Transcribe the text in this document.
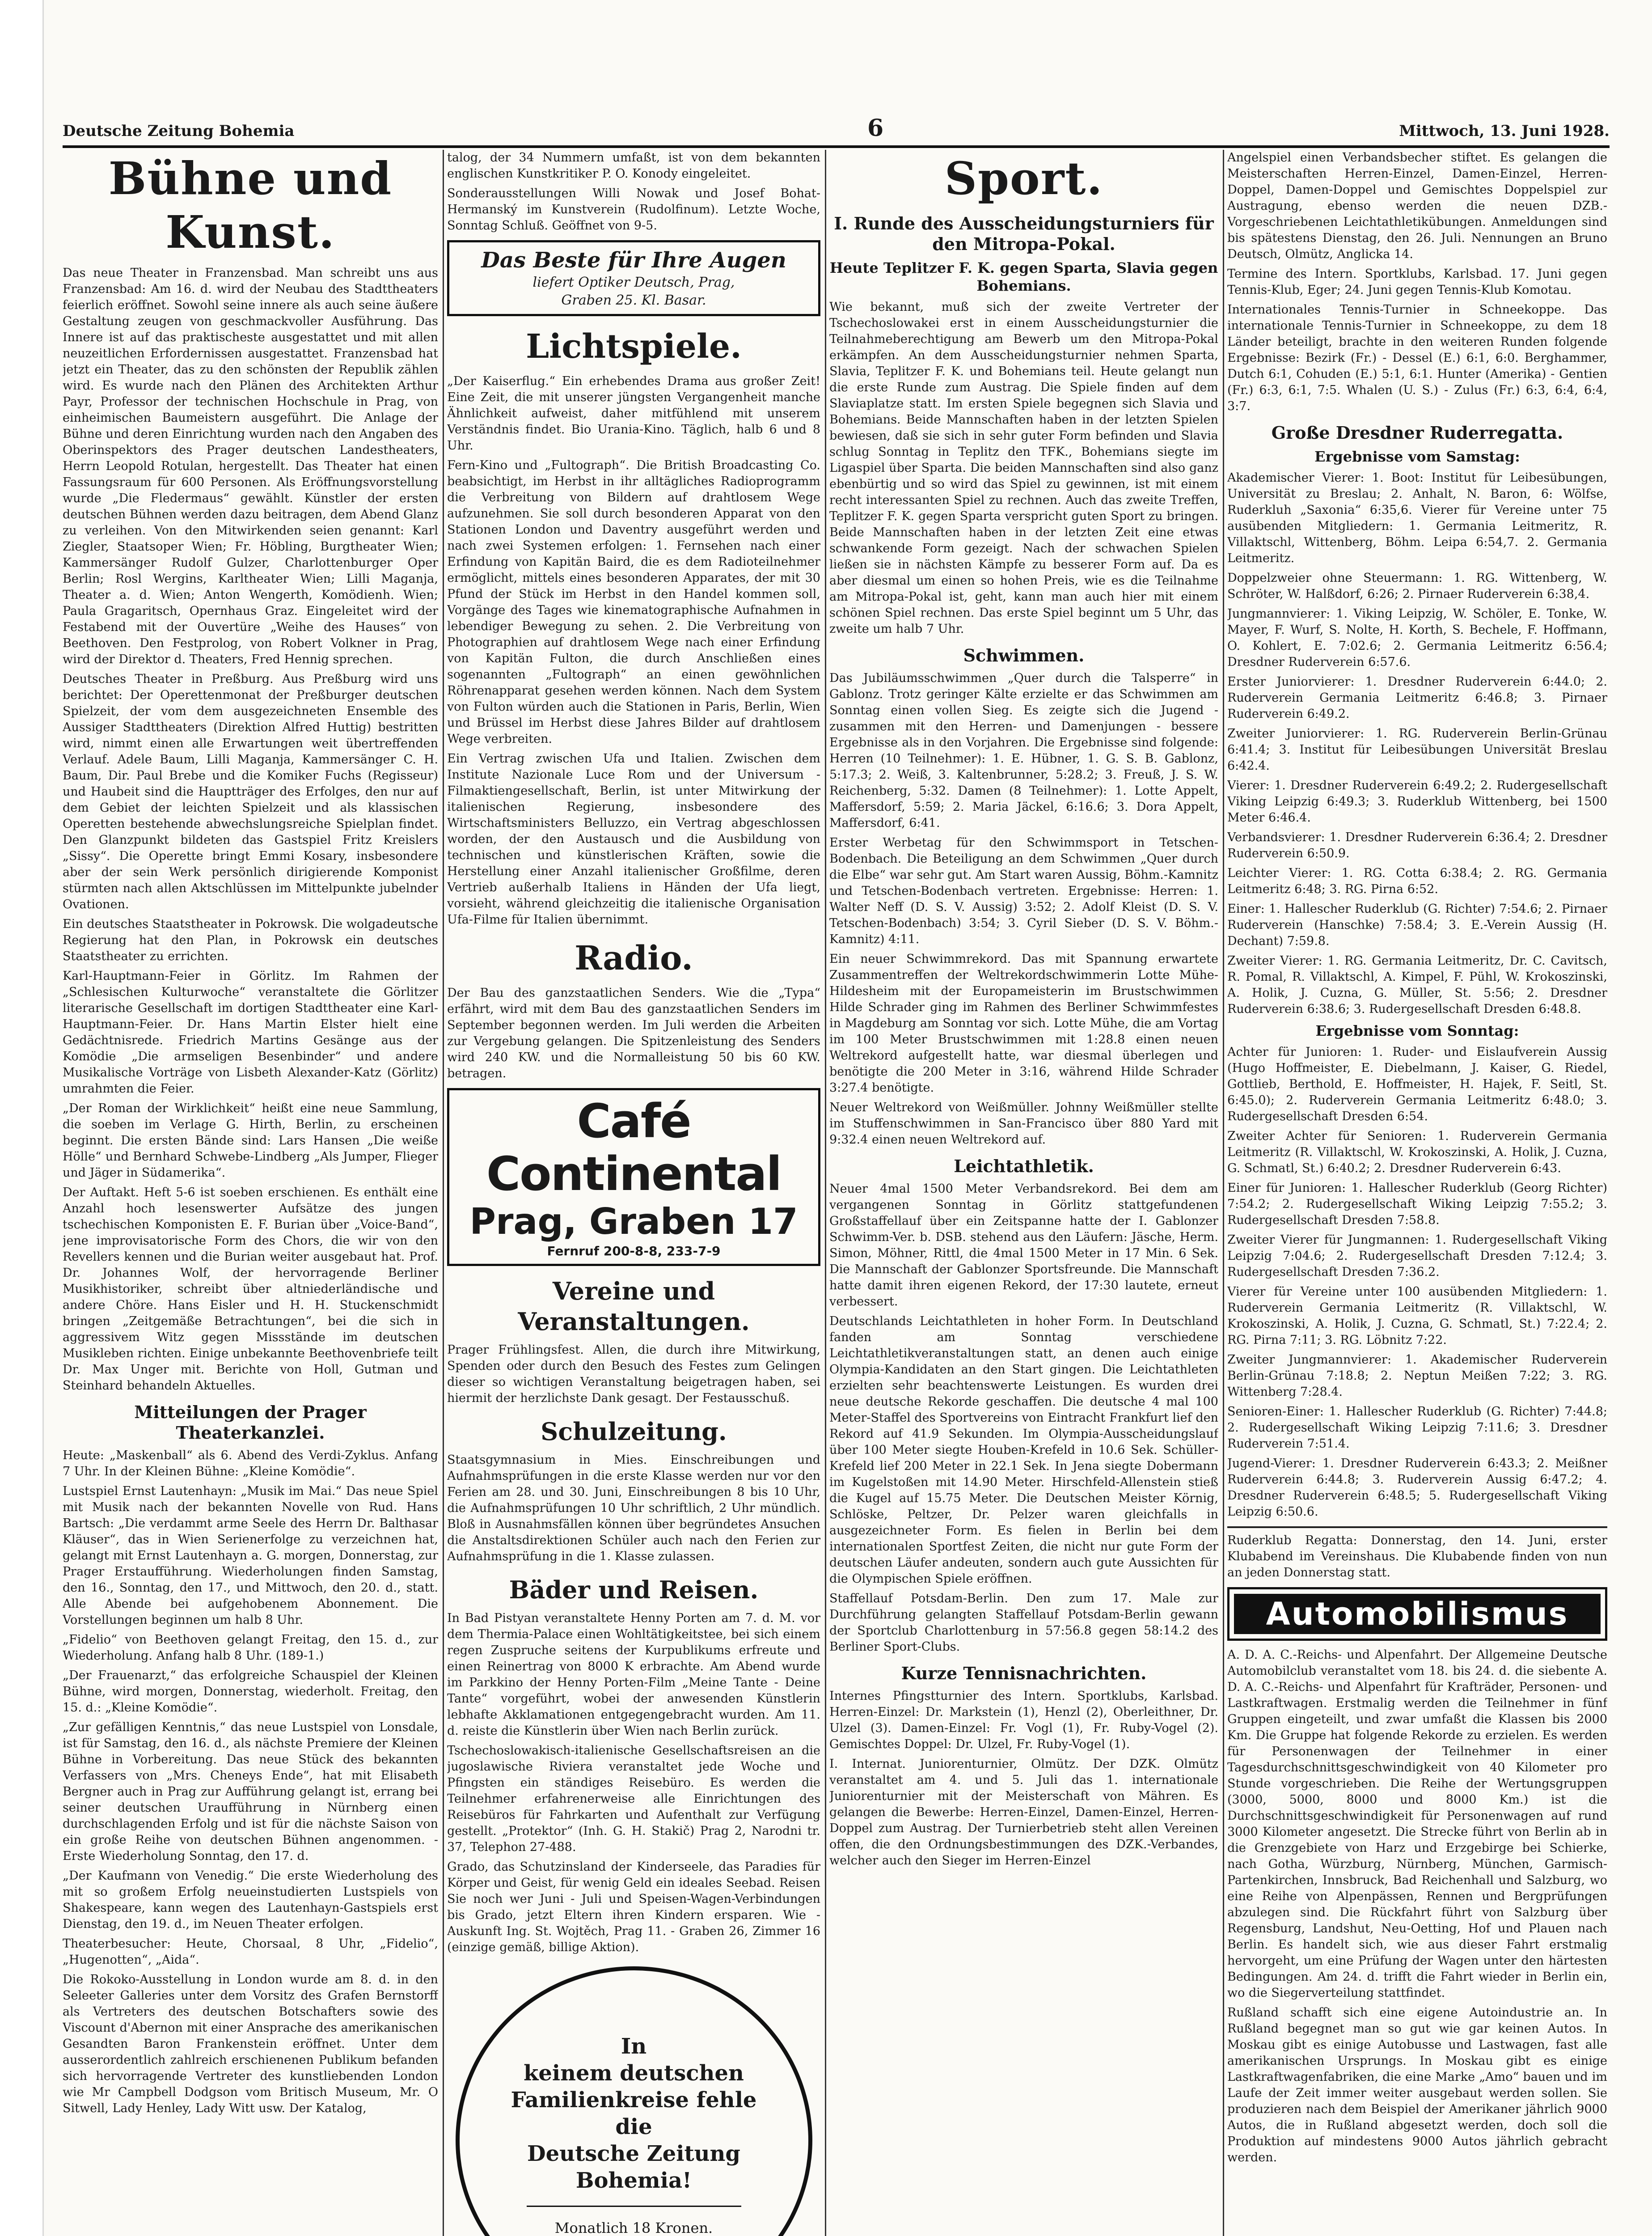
Deutsche Zeitung Bohemia	6	Mittwoch, 13. Juni 1928.
Bühne und Kunst.

Das neue Theater in Franzensbad. Man schreibt uns aus Franzensbad: Am 16. d. wird der Neubau des Stadttheaters feierlich eröffnet. Sowohl seine innere als auch seine äußere Gestaltung zeugen von geschmackvoller Ausführung. Das Innere ist auf das praktischeste ausgestattet und mit allen neuzeitlichen Erfordernissen ausgestattet. Franzensbad hat jetzt ein Theater, das zu den schönsten der Republik zählen wird. Es wurde nach den Plänen des Architekten Arthur Payr, Professor der technischen Hochschule in Prag, von einheimischen Baumeistern ausgeführt. Die Anlage der Bühne und deren Einrichtung wurden nach den Angaben des Oberinspektors des Prager deutschen Landestheaters, Herrn Leopold Rotulan, hergestellt. Das Theater hat einen Fassungsraum für 600 Personen. Als Eröffnungsvorstellung wurde „Die Fledermaus“ gewählt. Künstler der ersten deutschen Bühnen werden dazu beitragen, dem Abend Glanz zu verleihen. Von den Mitwirkenden seien genannt: Karl Ziegler, Staatsoper Wien; Fr. Höbling, Burgtheater Wien; Kammersänger Rudolf Gulzer, Charlottenburger Oper Berlin; Rosl Wergins, Karltheater Wien; Lilli Maganja, Theater a. d. Wien; Anton Wengerth, Komödienh. Wien; Paula Gragaritsch, Opernhaus Graz. Eingeleitet wird der Festabend mit der Ouvertüre „Weihe des Hauses“ von Beethoven. Den Festprolog, von Robert Volkner in Prag, wird der Direktor d. Theaters, Fred Hennig sprechen.

Deutsches Theater in Preßburg. Aus Preßburg wird uns berichtet: Der Operettenmonat der Preßburger deutschen Spielzeit, der vom dem ausgezeichneten Ensemble des Aussiger Stadttheaters (Direktion Alfred Huttig) bestritten wird, nimmt einen alle Erwartungen weit übertreffenden Verlauf. Adele Baum, Lilli Maganja, Kammersänger C. H. Baum, Dir. Paul Brebe und die Komiker Fuchs (Regisseur) und Haubeit sind die Hauptträger des Erfolges, den nur auf dem Gebiet der leichten Spielzeit und als klassischen Operetten bestehende abwechslungsreiche Spielplan findet. Den Glanzpunkt bildeten das Gastspiel Fritz Kreislers „Sissy“. Die Operette bringt Emmi Kosary, insbesondere aber der sein Werk persönlich dirigierende Komponist stürmten nach allen Aktschlüssen im Mittelpunkte jubelnder Ovationen.

Ein deutsches Staatstheater in Pokrowsk. Die wolgadeutsche Regierung hat den Plan, in Pokrowsk ein deutsches Staatstheater zu errichten.

Karl-Hauptmann-Feier in Görlitz. Im Rahmen der „Schlesischen Kulturwoche“ veranstaltete die Görlitzer literarische Gesellschaft im dortigen Stadttheater eine Karl-Hauptmann-Feier. Dr. Hans Martin Elster hielt eine Gedächtnisrede. Friedrich Martins Gesänge aus der Komödie „Die armseligen Besenbinder“ und andere Musikalische Vorträge von Lisbeth Alexander-Katz (Görlitz) umrahmten die Feier.

„Der Roman der Wirklichkeit“ heißt eine neue Sammlung, die soeben im Verlage G. Hirth, Berlin, zu erscheinen beginnt. Die ersten Bände sind: Lars Hansen „Die weiße Hölle“ und Bernhard Schwebe-Lindberg „Als Jumper, Flieger und Jäger in Südamerika“.

Der Auftakt. Heft 5-6 ist soeben erschienen. Es enthält eine Anzahl hoch lesenswerter Aufsätze des jungen tschechischen Komponisten E. F. Burian über „Voice-Band“, jene improvisatorische Form des Chors, die wir von den Revellers kennen und die Burian weiter ausgebaut hat. Prof. Dr. Johannes Wolf, der hervorragende Berliner Musikhistoriker, schreibt über altniederländische und andere Chöre. Hans Eisler und H. H. Stuckenschmidt bringen „Zeitgemäße Betrachtungen“, bei die sich in aggressivem Witz gegen Missstände im deutschen Musikleben richten. Einige unbekannte Beethovenbriefe teilt Dr. Max Unger mit. Berichte von Holl, Gutman und Steinhard behandeln Aktuelles.

Mitteilungen der Prager Theaterkanzlei.

Heute: „Maskenball“ als 6. Abend des Verdi-Zyklus. Anfang 7 Uhr. In der Kleinen Bühne: „Kleine Komödie“.

Lustspiel Ernst Lautenhayn: „Musik im Mai.“ Das neue Spiel mit Musik nach der bekannten Novelle von Rud. Hans Bartsch: „Die verdammt arme Seele des Herrn Dr. Balthasar Kläuser“, das in Wien Serienerfolge zu verzeichnen hat, gelangt mit Ernst Lautenhayn a. G. morgen, Donnerstag, zur Prager Erstaufführung. Wiederholungen finden Samstag, den 16., Sonntag, den 17., und Mittwoch, den 20. d., statt. Alle Abende bei aufgehobenem Abonnement. Die Vorstellungen beginnen um halb 8 Uhr.

„Fidelio“ von Beethoven gelangt Freitag, den 15. d., zur Wiederholung. Anfang halb 8 Uhr. (189-1.)

„Der Frauenarzt,“ das erfolgreiche Schauspiel der Kleinen Bühne, wird morgen, Donnerstag, wiederholt. Freitag, den 15. d.: „Kleine Komödie“.

„Zur gefälligen Kenntnis,“ das neue Lustspiel von Lonsdale, ist für Samstag, den 16. d., als nächste Premiere der Kleinen Bühne in Vorbereitung. Das neue Stück des bekannten Verfassers von „Mrs. Cheneys Ende“, hat mit Elisabeth Bergner auch in Prag zur Aufführung gelangt ist, errang bei seiner deutschen Uraufführung in Nürnberg einen durchschlagenden Erfolg und ist für die nächste Saison von ein große Reihe von deutschen Bühnen angenommen. - Erste Wiederholung Sonntag, den 17. d.

„Der Kaufmann von Venedig.“ Die erste Wiederholung des mit so großem Erfolg neueinstudierten Lustspiels von Shakespeare, kann wegen des Lautenhayn-Gastspiels erst Dienstag, den 19. d., im Neuen Theater erfolgen.

Theaterbesucher: Heute, Chorsaal, 8 Uhr, „Fidelio“, „Hugenotten“, „Aida“.

Die Rokoko-Ausstellung in London wurde am 8. d. in den Seleeter Galleries unter dem Vorsitz des Grafen Bernstorff als Vertreters des deutschen Botschafters sowie des Viscount d'Abernon mit einer Ansprache des amerikanischen Gesandten Baron Frankenstein eröffnet. Unter dem ausserordentlich zahlreich erschienenen Publikum befanden sich hervorragende Vertreter des kunstliebenden London wie Mr Campbell Dodgson vom Britisch Museum, Mr. O Sitwell, Lady Henley, Lady Witt usw. Der Katalog,

talog, der 34 Nummern umfaßt, ist von dem bekannten englischen Kunstkritiker P. O. Konody eingeleitet.

Sonderausstellungen Willi Nowak und Josef Bohat-Hermanský im Kunstverein (Rudolfinum). Letzte Woche, Sonntag Schluß. Geöffnet von 9-5.

Das Beste für Ihre Augen
liefert Optiker Deutsch, Prag,
Graben 25. Kl. Basar.
Lichtspiele.

„Der Kaiserflug.“ Ein erhebendes Drama aus großer Zeit! Eine Zeit, die mit unserer jüngsten Vergangenheit manche Ähnlichkeit aufweist, daher mitfühlend mit unserem Verständnis findet. Bio Urania-Kino. Täglich, halb 6 und 8 Uhr.

Fern-Kino und „Fultograph“. Die British Broadcasting Co. beabsichtigt, im Herbst in ihr alltägliches Radioprogramm die Verbreitung von Bildern auf drahtlosem Wege aufzunehmen. Sie soll durch besonderen Apparat von den Stationen London und Daventry ausgeführt werden und nach zwei Systemen erfolgen: 1. Fernsehen nach einer Erfindung von Kapitän Baird, die es dem Radioteilnehmer ermöglicht, mittels eines besonderen Apparates, der mit 30 Pfund der Stück im Herbst in den Handel kommen soll, Vorgänge des Tages wie kinematographische Aufnahmen in lebendiger Bewegung zu sehen. 2. Die Verbreitung von Photographien auf drahtlosem Wege nach einer Erfindung von Kapitän Fulton, die durch Anschließen eines sogenannten „Fultograph“ an einen gewöhnlichen Röhrenapparat gesehen werden können. Nach dem System von Fulton würden auch die Stationen in Paris, Berlin, Wien und Brüssel im Herbst diese Jahres Bilder auf drahtlosem Wege verbreiten.

Ein Vertrag zwischen Ufa und Italien. Zwischen dem Institute Nazionale Luce Rom und der Universum - Filmaktiengesellschaft, Berlin, ist unter Mitwirkung der italienischen Regierung, insbesondere des Wirtschaftsministers Belluzzo, ein Vertrag abgeschlossen worden, der den Austausch und die Ausbildung von technischen und künstlerischen Kräften, sowie die Herstellung einer Anzahl italienischer Großfilme, deren Vertrieb außerhalb Italiens in Händen der Ufa liegt, vorsieht, während gleichzeitig die italienische Organisation Ufa-Filme für Italien übernimmt.

Radio.

Der Bau des ganzstaatlichen Senders. Wie die „Typa“ erfährt, wird mit dem Bau des ganzstaatlichen Senders im September begonnen werden. Im Juli werden die Arbeiten zur Vergebung gelangen. Die Spitzenleistung des Senders wird 240 KW. und die Normalleistung 50 bis 60 KW. betragen.

Café Continental
Prag, Graben 17
Fernruf 200-8-8, 233-7-9
Vereine und Veranstaltungen.

Prager Frühlingsfest. Allen, die durch ihre Mitwirkung, Spenden oder durch den Besuch des Festes zum Gelingen dieser so wichtigen Veranstaltung beigetragen haben, sei hiermit der herzlichste Dank gesagt. Der Festausschuß.

Schulzeitung.

Staatsgymnasium in Mies. Einschreibungen und Aufnahmsprüfungen in die erste Klasse werden nur vor den Ferien am 28. und 30. Juni, Einschreibungen 8 bis 10 Uhr, die Aufnahmsprüfungen 10 Uhr schriftlich, 2 Uhr mündlich. Bloß in Ausnahmsfällen können über begründetes Ansuchen die Anstaltsdirektionen Schüler auch nach den Ferien zur Aufnahmsprüfung in die 1. Klasse zulassen.

Bäder und Reisen.

In Bad Pistyan veranstaltete Henny Porten am 7. d. M. vor dem Thermia-Palace einen Wohltätigkeitstee, bei sich einem regen Zuspruche seitens der Kurpublikums erfreute und einen Reinertrag von 8000 K erbrachte. Am Abend wurde im Parkkino der Henny Porten-Film „Meine Tante - Deine Tante“ vorgeführt, wobei der anwesenden Künstlerin lebhafte Akklamationen entgegengebracht wurden. Am 11. d. reiste die Künstlerin über Wien nach Berlin zurück.

Tschechoslowakisch-italienische Gesellschaftsreisen an die jugoslawische Riviera veranstaltet jede Woche und Pfingsten ein ständiges Reisebüro. Es werden die Teilnehmer erfahrenerweise alle Einrichtungen des Reisebüros für Fahrkarten und Aufenthalt zur Verfügung gestellt. „Protektor“ (Inh. G. H. Stakič) Prag 2, Narodni tr. 37, Telephon 27-488.

Grado, das Schutzinsland der Kinderseele, das Paradies für Körper und Geist, für wenig Geld ein ideales Seebad. Reisen Sie noch wer Juni - Juli und Speisen-Wagen-Verbindungen bis Grado, jetzt Eltern ihren Kindern ersparen. Wie - Auskunft Ing. St. Wojtěch, Prag 11. - Graben 26, Zimmer 16 (einzige gemäß, billige Aktion).

In
keinem deutschen
Familienkreise fehle die
Deutsche Zeitung Bohemia!
Monatlich 18 Kronen.
Sport.
I. Runde des Ausscheidungsturniers für den Mitropa-Pokal.
Heute Teplitzer F. K. gegen Sparta, Slavia gegen Bohemians.

Wie bekannt, muß sich der zweite Vertreter der Tschechoslowakei erst in einem Ausscheidungsturnier die Teilnahmeberechtigung am Bewerb um den Mitropa-Pokal erkämpfen. An dem Ausscheidungsturnier nehmen Sparta, Slavia, Teplitzer F. K. und Bohemians teil. Heute gelangt nun die erste Runde zum Austrag. Die Spiele finden auf dem Slaviaplatze statt. Im ersten Spiele begegnen sich Slavia und Bohemians. Beide Mannschaften haben in der letzten Spielen bewiesen, daß sie sich in sehr guter Form befinden und Slavia schlug Sonntag in Teplitz den TFK., Bohemians siegte im Ligaspiel über Sparta. Die beiden Mannschaften sind also ganz ebenbürtig und so wird das Spiel zu gewinnen, ist mit einem recht interessanten Spiel zu rechnen. Auch das zweite Treffen, Teplitzer F. K. gegen Sparta verspricht guten Sport zu bringen. Beide Mannschaften haben in der letzten Zeit eine etwas schwankende Form gezeigt. Nach der schwachen Spielen ließen sie in nächsten Kämpfe zu besserer Form auf. Da es aber diesmal um einen so hohen Preis, wie es die Teilnahme am Mitropa-Pokal ist, geht, kann man auch hier mit einem schönen Spiel rechnen. Das erste Spiel beginnt um 5 Uhr, das zweite um halb 7 Uhr.

Schwimmen.

Das Jubiläumsschwimmen „Quer durch die Talsperre“ in Gablonz. Trotz geringer Kälte erzielte er das Schwimmen am Sonntag einen vollen Sieg. Es zeigte sich die Jugend - zusammen mit den Herren- und Damenjungen - bessere Ergebnisse als in den Vorjahren. Die Ergebnisse sind folgende: Herren (10 Teilnehmer): 1. E. Hübner, 1. G. S. B. Gablonz, 5:17.3; 2. Weiß, 3. Kaltenbrunner, 5:28.2; 3. Freuß, J. S. W. Reichenberg, 5:32. Damen (8 Teilnehmer): 1. Lotte Appelt, Maffersdorf, 5:59; 2. Maria Jäckel, 6:16.6; 3. Dora Appelt, Maffersdorf, 6:41.

Erster Werbetag für den Schwimmsport in Tetschen-Bodenbach. Die Beteiligung an dem Schwimmen „Quer durch die Elbe“ war sehr gut. Am Start waren Aussig, Böhm.-Kamnitz und Tetschen-Bodenbach vertreten. Ergebnisse: Herren: 1. Walter Neff (D. S. V. Aussig) 3:52; 2. Adolf Kleist (D. S. V. Tetschen-Bodenbach) 3:54; 3. Cyril Sieber (D. S. V. Böhm.-Kamnitz) 4:11.

Ein neuer Schwimmrekord. Das mit Spannung erwartete Zusammentreffen der Weltrekordschwimmerin Lotte Mühe-Hildesheim mit der Europameisterin im Brustschwimmen Hilde Schrader ging im Rahmen des Berliner Schwimmfestes in Magdeburg am Sonntag vor sich. Lotte Mühe, die am Vortag im 100 Meter Brustschwimmen mit 1:28.8 einen neuen Weltrekord aufgestellt hatte, war diesmal überlegen und benötigte die 200 Meter in 3:16, während Hilde Schrader 3:27.4 benötigte.

Neuer Weltrekord von Weißmüller. Johnny Weißmüller stellte im Stuffenschwimmen in San-Francisco über 880 Yard mit 9:32.4 einen neuen Weltrekord auf.

Leichtathletik.

Neuer 4mal 1500 Meter Verbandsrekord. Bei dem am vergangenen Sonntag in Görlitz stattgefundenen Großstaffellauf über ein Zeitspanne hatte der I. Gablonzer Schwimm-Ver. b. DSB. stehend aus den Läufern: Jäsche, Herm. Simon, Möhner, Rittl, die 4mal 1500 Meter in 17 Min. 6 Sek. Die Mannschaft der Gablonzer Sportsfreunde. Die Mannschaft hatte damit ihren eigenen Rekord, der 17:30 lautete, erneut verbessert.

Deutschlands Leichtathleten in hoher Form. In Deutschland fanden am Sonntag verschiedene Leichtathletikveranstaltungen statt, an denen auch einige Olympia-Kandidaten an den Start gingen. Die Leichtathleten erzielten sehr beachtenswerte Leistungen. Es wurden drei neue deutsche Rekorde geschaffen. Die deutsche 4 mal 100 Meter-Staffel des Sportvereins von Eintracht Frankfurt lief den Rekord auf 41.9 Sekunden. Im Olympia-Ausscheidungslauf über 100 Meter siegte Houben-Krefeld in 10.6 Sek. Schüller-Krefeld lief 200 Meter in 22.1 Sek. In Jena siegte Dobermann im Kugelstoßen mit 14.90 Meter. Hirschfeld-Allenstein stieß die Kugel auf 15.75 Meter. Die Deutschen Meister Körnig, Schlöske, Peltzer, Dr. Pelzer waren gleichfalls in ausgezeichneter Form. Es fielen in Berlin bei dem internationalen Sportfest Zeiten, die nicht nur gute Form der deutschen Läufer andeuten, sondern auch gute Aussichten für die Olympischen Spiele eröffnen.

Staffellauf Potsdam-Berlin. Den zum 17. Male zur Durchführung gelangten Staffellauf Potsdam-Berlin gewann der Sportclub Charlottenburg in 57:56.8 gegen 58:14.2 des Berliner Sport-Clubs.

Kurze Tennisnachrichten.

Internes Pfingstturnier des Intern. Sportklubs, Karlsbad. Herren-Einzel: Dr. Markstein (1), Henzl (2), Oberleithner, Dr. Ulzel (3). Damen-Einzel: Fr. Vogl (1), Fr. Ruby-Vogel (2). Gemischtes Doppel: Dr. Ulzel, Fr. Ruby-Vogel (1).

I. Internat. Juniorenturnier, Olmütz. Der DZK. Olmütz veranstaltet am 4. und 5. Juli das 1. internationale Juniorenturnier mit der Meisterschaft von Mähren. Es gelangen die Bewerbe: Herren-Einzel, Damen-Einzel, Herren-Doppel zum Austrag. Der Turnierbetrieb steht allen Vereinen offen, die den Ordnungsbestimmungen des DZK.-Verbandes, welcher auch den Sieger im Herren-Einzel

Angelspiel einen Verbandsbecher stiftet. Es gelangen die Meisterschaften Herren-Einzel, Damen-Einzel, Herren-Doppel, Damen-Doppel und Gemischtes Doppelspiel zur Austragung, ebenso werden die neuen DZB.-Vorgeschriebenen Leichtathletikübungen. Anmeldungen sind bis spätestens Dienstag, den 26. Juli. Nennungen an Bruno Deutsch, Olmütz, Anglicka 14.

Termine des Intern. Sportklubs, Karlsbad. 17. Juni gegen Tennis-Klub, Eger; 24. Juni gegen Tennis-Klub Komotau.

Internationales Tennis-Turnier in Schneekoppe. Das internationale Tennis-Turnier in Schneekoppe, zu dem 18 Länder beteiligt, brachte in den weiteren Runden folgende Ergebnisse: Bezirk (Fr.) - Dessel (E.) 6:1, 6:0. Berghammer, Dutch 6:1, Cohuden (E.) 5:1, 6:1. Hunter (Amerika) - Gentien (Fr.) 6:3, 6:1, 7:5. Whalen (U. S.) - Zulus (Fr.) 6:3, 6:4, 6:4, 3:7.

Große Dresdner Ruderregatta.
Ergebnisse vom Samstag:

Akademischer Vierer: 1. Boot: Institut für Leibesübungen, Universität zu Breslau; 2. Anhalt, N. Baron, 6: Wölfse, Ruderkluh „Saxonia“ 6:35,6. Vierer für Vereine unter 75 ausübenden Mitgliedern: 1. Germania Leitmeritz, R. Villaktschl, Wittenberg, Böhm. Leipa 6:54,7. 2. Germania Leitmeritz.

Doppelzweier ohne Steuermann: 1. RG. Wittenberg, W. Schröter, W. Halßdorf, 6:26; 2. Pirnaer Ruderverein 6:38,4.

Jungmannvierer: 1. Viking Leipzig, W. Schöler, E. Tonke, W. Mayer, F. Wurf, S. Nolte, H. Korth, S. Bechele, F. Hoffmann, O. Kohlert, E. 7:02.6; 2. Germania Leitmeritz 6:56.4; Dresdner Ruderverein 6:57.6.

Erster Juniorvierer: 1. Dresdner Ruderverein 6:44.0; 2. Ruderverein Germania Leitmeritz 6:46.8; 3. Pirnaer Ruderverein 6:49.2.

Zweiter Juniorvierer: 1. RG. Ruderverein Berlin-Grünau 6:41.4; 3. Institut für Leibesübungen Universität Breslau 6:42.4.

Vierer: 1. Dresdner Ruderverein 6:49.2; 2. Rudergesellschaft Viking Leipzig 6:49.3; 3. Ruderklub Wittenberg, bei 1500 Meter 6:46.4.

Verbandsvierer: 1. Dresdner Ruderverein 6:36.4; 2. Dresdner Ruderverein 6:50.9.

Leichter Vierer: 1. RG. Cotta 6:38.4; 2. RG. Germania Leitmeritz 6:48; 3. RG. Pirna 6:52.

Einer: 1. Hallescher Ruderklub (G. Richter) 7:54.6; 2. Pirnaer Ruderverein (Hanschke) 7:58.4; 3. E.-Verein Aussig (H. Dechant) 7:59.8.

Zweiter Vierer: 1. RG. Germania Leitmeritz, Dr. C. Cavitsch, R. Pomal, R. Villaktschl, A. Kimpel, F. Pühl, W. Krokoszinski, A. Holik, J. Cuzna, G. Müller, St. 5:56; 2. Dresdner Ruderverein 6:38.6; 3. Rudergesellschaft Dresden 6:48.8.

Ergebnisse vom Sonntag:

Achter für Junioren: 1. Ruder- und Eislaufverein Aussig (Hugo Hoffmeister, E. Diebelmann, J. Kaiser, G. Riedel, Gottlieb, Berthold, E. Hoffmeister, H. Hajek, F. Seitl, St. 6:45.0); 2. Ruderverein Germania Leitmeritz 6:48.0; 3. Rudergesellschaft Dresden 6:54.

Zweiter Achter für Senioren: 1. Ruderverein Germania Leitmeritz (R. Villaktschl, W. Krokoszinski, A. Holik, J. Cuzna, G. Schmatl, St.) 6:40.2; 2. Dresdner Ruderverein 6:43.

Einer für Junioren: 1. Hallescher Ruderklub (Georg Richter) 7:54.2; 2. Rudergesellschaft Wiking Leipzig 7:55.2; 3. Rudergesellschaft Dresden 7:58.8.

Zweiter Vierer für Jungmannen: 1. Rudergesellschaft Viking Leipzig 7:04.6; 2. Rudergesellschaft Dresden 7:12.4; 3. Rudergesellschaft Dresden 7:36.2.

Vierer für Vereine unter 100 ausübenden Mitgliedern: 1. Ruderverein Germania Leitmeritz (R. Villaktschl, W. Krokoszinski, A. Holik, J. Cuzna, G. Schmatl, St.) 7:22.4; 2. RG. Pirna 7:11; 3. RG. Löbnitz 7:22.

Zweiter Jungmannvierer: 1. Akademischer Ruderverein Berlin-Grünau 7:18.8; 2. Neptun Meißen 7:22; 3. RG. Wittenberg 7:28.4.

Senioren-Einer: 1. Hallescher Ruderklub (G. Richter) 7:44.8; 2. Rudergesellschaft Wiking Leipzig 7:11.6; 3. Dresdner Ruderverein 7:51.4.

Jugend-Vierer: 1. Dresdner Ruderverein 6:43.3; 2. Meißner Ruderverein 6:44.8; 3. Ruderverein Aussig 6:47.2; 4. Dresdner Ruderverein 6:48.5; 5. Rudergesellschaft Viking Leipzig 6:50.6.

Ruderklub Regatta: Donnerstag, den 14. Juni, erster Klubabend im Vereinshaus. Die Klubabende finden von nun an jeden Donnerstag statt.

Automobilismus

A. D. A. C.-Reichs- und Alpenfahrt. Der Allgemeine Deutsche Automobilclub veranstaltet vom 18. bis 24. d. die siebente A. D. A. C.-Reichs- und Alpenfahrt für Krafträder, Personen- und Lastkraftwagen. Erstmalig werden die Teilnehmer in fünf Gruppen eingeteilt, und zwar umfaßt die Klassen bis 2000 Km. Die Gruppe hat folgende Rekorde zu erzielen. Es werden für Personenwagen der Teilnehmer in einer Tagesdurchschnittsgeschwindigkeit von 40 Kilometer pro Stunde vorgeschrieben. Die Reihe der Wertungsgruppen (3000, 5000, 8000 und 8000 Km.) ist die Durchschnittsgeschwindigkeit für Personenwagen auf rund 3000 Kilometer angesetzt. Die Strecke führt von Berlin ab in die Grenzgebiete von Harz und Erzgebirge bei Schierke, nach Gotha, Würzburg, Nürnberg, München, Garmisch-Partenkirchen, Innsbruck, Bad Reichenhall und Salzburg, wo eine Reihe von Alpenpässen, Rennen und Bergprüfungen abzulegen sind. Die Rückfahrt führt von Salzburg über Regensburg, Landshut, Neu-Oetting, Hof und Plauen nach Berlin. Es handelt sich, wie aus dieser Fahrt erstmalig hervorgeht, um eine Prüfung der Wagen unter den härtesten Bedingungen. Am 24. d. trifft die Fahrt wieder in Berlin ein, wo die Siegerverteilung stattfindet.

Rußland schafft sich eine eigene Autoindustrie an. In Rußland begegnet man so gut wie gar keinen Autos. In Moskau gibt es einige Autobusse und Lastwagen, fast alle amerikanischen Ursprungs. In Moskau gibt es einige Lastkraftwagenfabriken, die eine Marke „Amo“ bauen und im Laufe der Zeit immer weiter ausgebaut werden sollen. Sie produzieren nach dem Beispiel der Amerikaner jährlich 9000 Autos, die in Rußland abgesetzt werden, doch soll die Produktion auf mindestens 9000 Autos jährlich gebracht werden.
